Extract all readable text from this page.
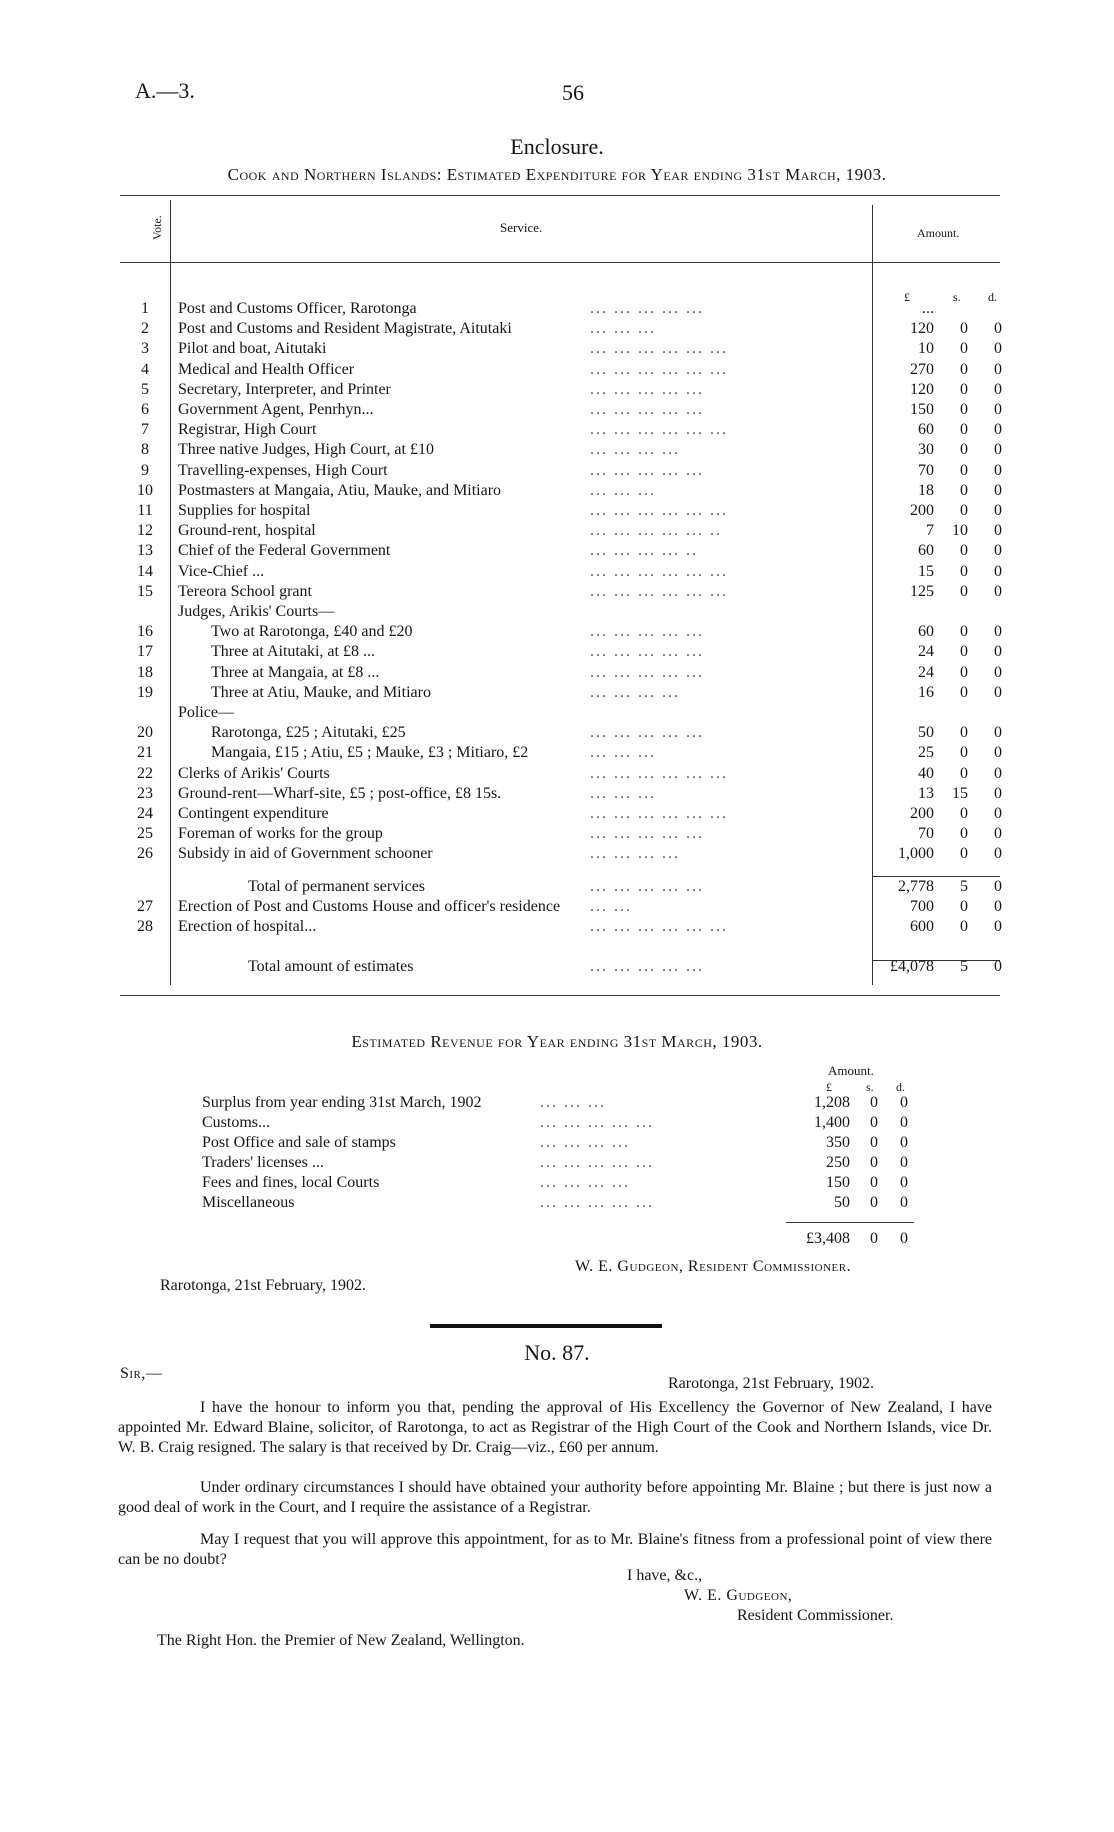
A.—3.	56
Enclosure.
Cook and Northern Islands: Estimated Expenditure for Year ending 31st March, 1903.
Vote.	Service.	Amount.
£	s. d.
1	Post and Customs Officer, Rarotonga	... ... ... ... ...	...
2	Post and Customs and Resident Magistrate, Aitutaki	... ... ...	120	0	0
3	Pilot and boat, Aitutaki	... ... ... ... ... ...	10	0	0
4	Medical and Health Officer	... ... ... ... ... ...	270	0	0
5	Secretary, Interpreter, and Printer	... ... ... ... ...	120	0	0
6	Government Agent, Penrhyn...	... ... ... ... ...	150	0	0
7	Registrar, High Court	... ... ... ... ... ...	60	0	0
8	Three native Judges, High Court, at £10	... ... ... ...	30	0	0
9	Travelling-expenses, High Court	... ... ... ... ...	70	0	0
10	Postmasters at Mangaia, Atiu, Mauke, and Mitiaro	... ... ...	18	0	0
11	Supplies for hospital	... ... ... ... ... ...	200	0	0
12	Ground-rent, hospital	... ... ... ... ... ..	7	10	0
13	Chief of the Federal Government	... ... ... ... ..	60	0	0
14	Vice-Chief ...	... ... ... ... ... ...	15	0	0
15	Tereora School grant	... ... ... ... ... ...	125	0	0
Judges, Arikis' Courts—
16	Two at Rarotonga, £40 and £20	... ... ... ... ...	60	0	0
17	Three at Aitutaki, at £8 ...	... ... ... ... ...	24	0	0
18	Three at Mangaia, at £8 ...	... ... ... ... ...	24	0	0
19	Three at Atiu, Mauke, and Mitiaro	... ... ... ...	16	0	0
Police—
20	Rarotonga, £25 ; Aitutaki, £25	... ... ... ... ...	50	0	0
21	Mangaia, £15 ; Atiu, £5 ; Mauke, £3 ; Mitiaro, £2	... ... ...	25	0	0
22	Clerks of Arikis' Courts	... ... ... ... ... ...	40	0	0
23	Ground-rent—Wharf-site, £5 ; post-office, £8 15s.	... ... ...	13	15	0
24	Contingent expenditure	... ... ... ... ... ...	200	0	0
25	Foreman of works for the group	... ... ... ... ...	70	0	0
26	Subsidy in aid of Government schooner	... ... ... ...	1,000	0	0
Total of permanent services	... ... ... ... ...	2,778	5	0
27	Erection of Post and Customs House and officer's residence ... ...	700	0	0
28	Erection of hospital...	... ... ... ... ... ...	600	0	0
Total amount of estimates	... ... ... ... ...	£4,078	5	0
Estimated Revenue for Year ending 31st March, 1903.
Amount.
£	s. d.
Surplus from year ending 31st March, 1902	... ... ...	1,208	0	0
Customs...	... ... ... ... ...	1,400	0	0
Post Office and sale of stamps	... ... ... ...	350	0	0
Traders' licenses ...	... ... ... ... ...	250	0	0
Fees and fines, local Courts	... ... ... ...	150	0	0
Miscellaneous	... ... ... ... ...	50	0	0
£3,408	0	0
W. E. Gudgeon, Resident Commissioner.
Rarotonga, 21st February, 1902.
No. 87.
Sir,—
Rarotonga, 21st February, 1902.
I have the honour to inform you that, pending the approval of His Excellency the Governor of New Zealand, I have appointed Mr. Edward Blaine, solicitor, of Rarotonga, to act as Registrar of the High Court of the Cook and Northern Islands, vice Dr. W. B. Craig resigned. The salary is that received by Dr. Craig—viz., £60 per annum.
Under ordinary circumstances I should have obtained your authority before appointing Mr. Blaine ; but there is just now a good deal of work in the Court, and I require the assistance of a Registrar.
May I request that you will approve this appointment, for as to Mr. Blaine's fitness from a professional point of view there can be no doubt?
I have, &c.,
W. E. Gudgeon,
Resident Commissioner.
The Right Hon. the Premier of New Zealand, Wellington.
